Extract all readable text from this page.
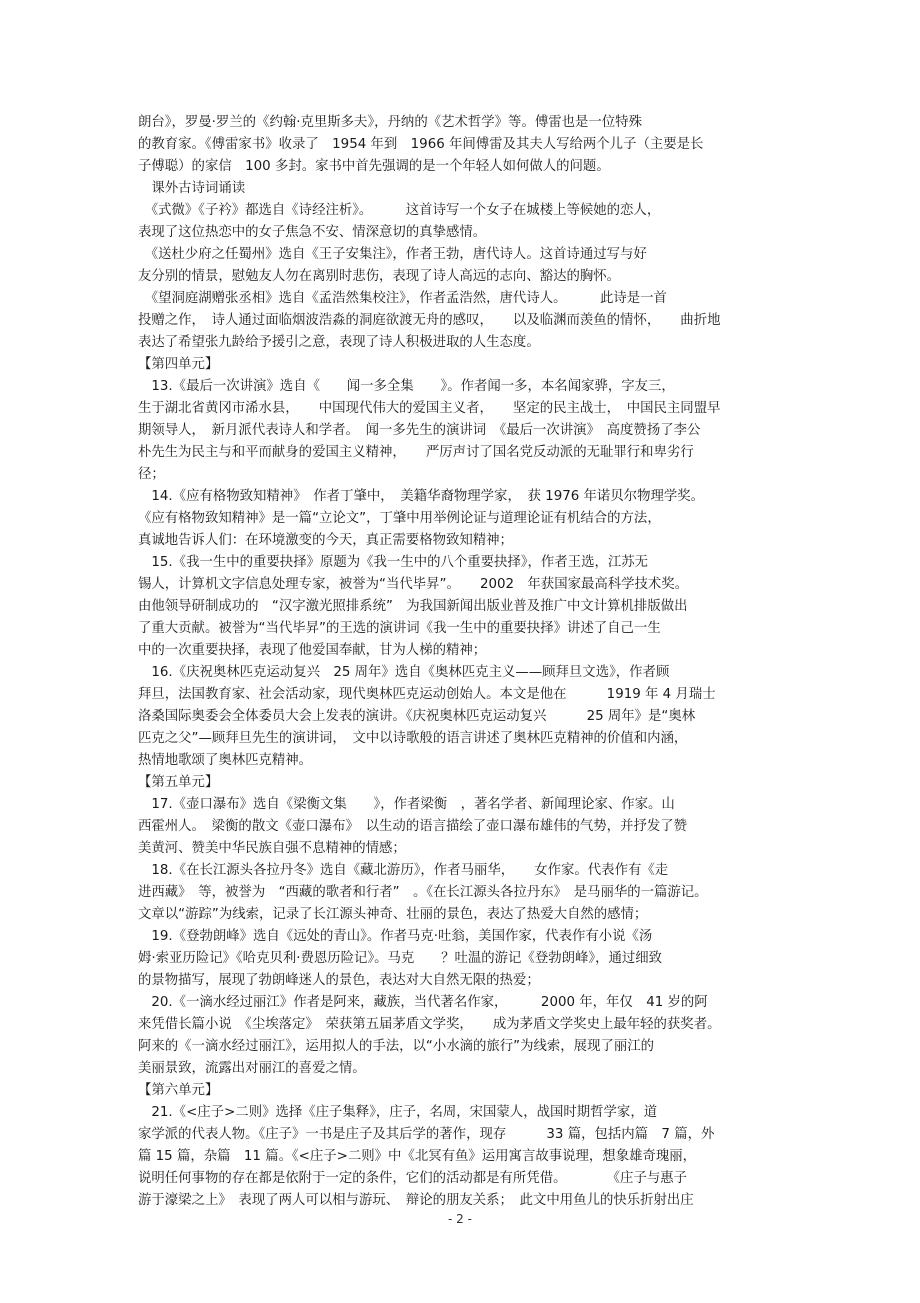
朗台》，罗曼·罗兰的《约翰·克里斯多夫》，丹纳的《艺术哲学》等。傅雷也是一位特殊
的教育家。《傅雷家书》收录了　1954 年到　1966 年间傅雷及其夫人写给两个儿子（主要是长
子傅聪）的家信　100 多封。家书中首先强调的是一个年轻人如何做人的问题。
　课外古诗词诵读
　《式微》《子衿》都选自《诗经注析》。　　　这首诗写一个女子在城楼上等候她的恋人，
表现了这位热恋中的女子焦急不安、情深意切的真挚感情。
　《送杜少府之任蜀州》选自《王子安集注》，作者王勃，唐代诗人。这首诗通过写与好
友分别的情景，慰勉友人勿在离别时悲伤，表现了诗人高远的志向、豁达的胸怀。
　《望洞庭湖赠张丞相》选自《孟浩然集校注》，作者孟浩然，唐代诗人。　　　此诗是一首
投赠之作，　诗人通过面临烟波浩淼的洞庭欲渡无舟的感叹，　　以及临渊而羡鱼的情怀，　　曲折地
表达了希望张九龄给予援引之意，表现了诗人积极进取的人生态度。
【第四单元】
　13.《最后一次讲演》选自《　　闻一多全集　　》。作者闻一多，本名闻家骅，字友三，
生于湖北省黄冈市浠水县，　　中国现代伟大的爱国主义者，　　坚定的民主战士，　中国民主同盟早
期领导人，　新月派代表诗人和学者。　闻一多先生的演讲词　《最后一次讲演》　高度赞扬了李公
朴先生为民主与和平而献身的爱国主义精神，　　严厉声讨了国名党反动派的无耻罪行和卑劣行
径；
　14.《应有格物致知精神》　作者丁肇中，　美籍华裔物理学家，　获 1976 年诺贝尔物理学奖。
《应有格物致知精神》是一篇“立论文”，丁肇中用举例论证与道理论证有机结合的方法，
真诚地告诉人们：在环境激变的今天，真正需要格物致知精神；
　15.《我一生中的重要抉择》原题为《我一生中的八个重要抉择》，作者王选，江苏无
锡人，计算机文字信息处理专家，被誉为“当代毕昇”。　　2002　年获国家最高科学技术奖。
由他领导研制成功的　“汉字激光照排系统”　为我国新闻出版业普及推广中文计算机排版做出
了重大贡献。被誉为“当代毕昇”的王选的演讲词《我一生中的重要抉择》讲述了自己一生
中的一次重要抉择，表现了他爱国奉献，甘为人梯的精神；
　16.《庆祝奥林匹克运动复兴　25 周年》选自《奥林匹克主义——顾拜旦文选》，作者顾
拜旦，法国教育家、社会活动家，现代奥林匹克运动创始人。本文是他在　　　1919 年 4 月瑞士
洛桑国际奥委会全体委员大会上发表的演讲。《庆祝奥林匹克运动复兴　　　25 周年》是“奥林
匹克之父”—顾拜旦先生的演讲词，　文中以诗歌般的语言讲述了奥林匹克精神的价值和内涵，
热情地歌颂了奥林匹克精神。
【第五单元】
　17.《壶口瀑布》选自《梁衡文集　　》，作者梁衡　，著名学者、新闻理论家、作家。山
西霍州人。　梁衡的散文《壶口瀑布》　以生动的语言描绘了壶口瀑布雄伟的气势，并抒发了赞
美黄河、赞美中华民族自强不息精神的情感；
　18.《在长江源头各拉丹冬》选自《藏北游历》，作者马丽华，　　女作家。代表作有《走
进西藏》　等，被誉为　“西藏的歌者和行者”　。《在长江源头各拉丹东》　是马丽华的一篇游记。
文章以“游踪”为线索，记录了长江源头神奇、壮丽的景色，表达了热爱大自然的感情；
　19.《登勃朗峰》选自《远处的青山》。作者马克·吐翁，美国作家，代表作有小说《汤
姆·索亚历险记》《哈克贝利·费恩历险记》。马克　　？吐温的游记《登勃朗峰》，通过细致
的景物描写，展现了勃朗峰迷人的景色，表达对大自然无限的热爱；
　20.《一滴水经过丽江》作者是阿来，藏族，当代著名作家，　　　2000 年，年仅　41 岁的阿
来凭借长篇小说　《尘埃落定》　荣获第五届茅盾文学奖，　　成为茅盾文学奖史上最年轻的获奖者。
阿来的《一滴水经过丽江》，运用拟人的手法，以“小水滴的旅行”为线索，展现了丽江的
美丽景致，流露出对丽江的喜爱之情。
【第六单元】
　21.《<庄子>二则》选择《庄子集释》，庄子，名周，宋国蒙人，战国时期哲学家，道
家学派的代表人物。《庄子》一书是庄子及其后学的著作，现存　　　33 篇，包括内篇　7 篇，外
篇 15 篇，杂篇　11 篇。《<庄子>二则》中《北冥有鱼》运用寓言故事说理，想象雄奇瑰丽，
说明任何事物的存在都是依附于一定的条件，它们的活动都是有所凭借。　　　　《庄子与惠子
游于濠梁之上》　表现了两人可以相与游玩、　辩论的朋友关系；　此文中用鱼儿的快乐折射出庄
- 2 -
